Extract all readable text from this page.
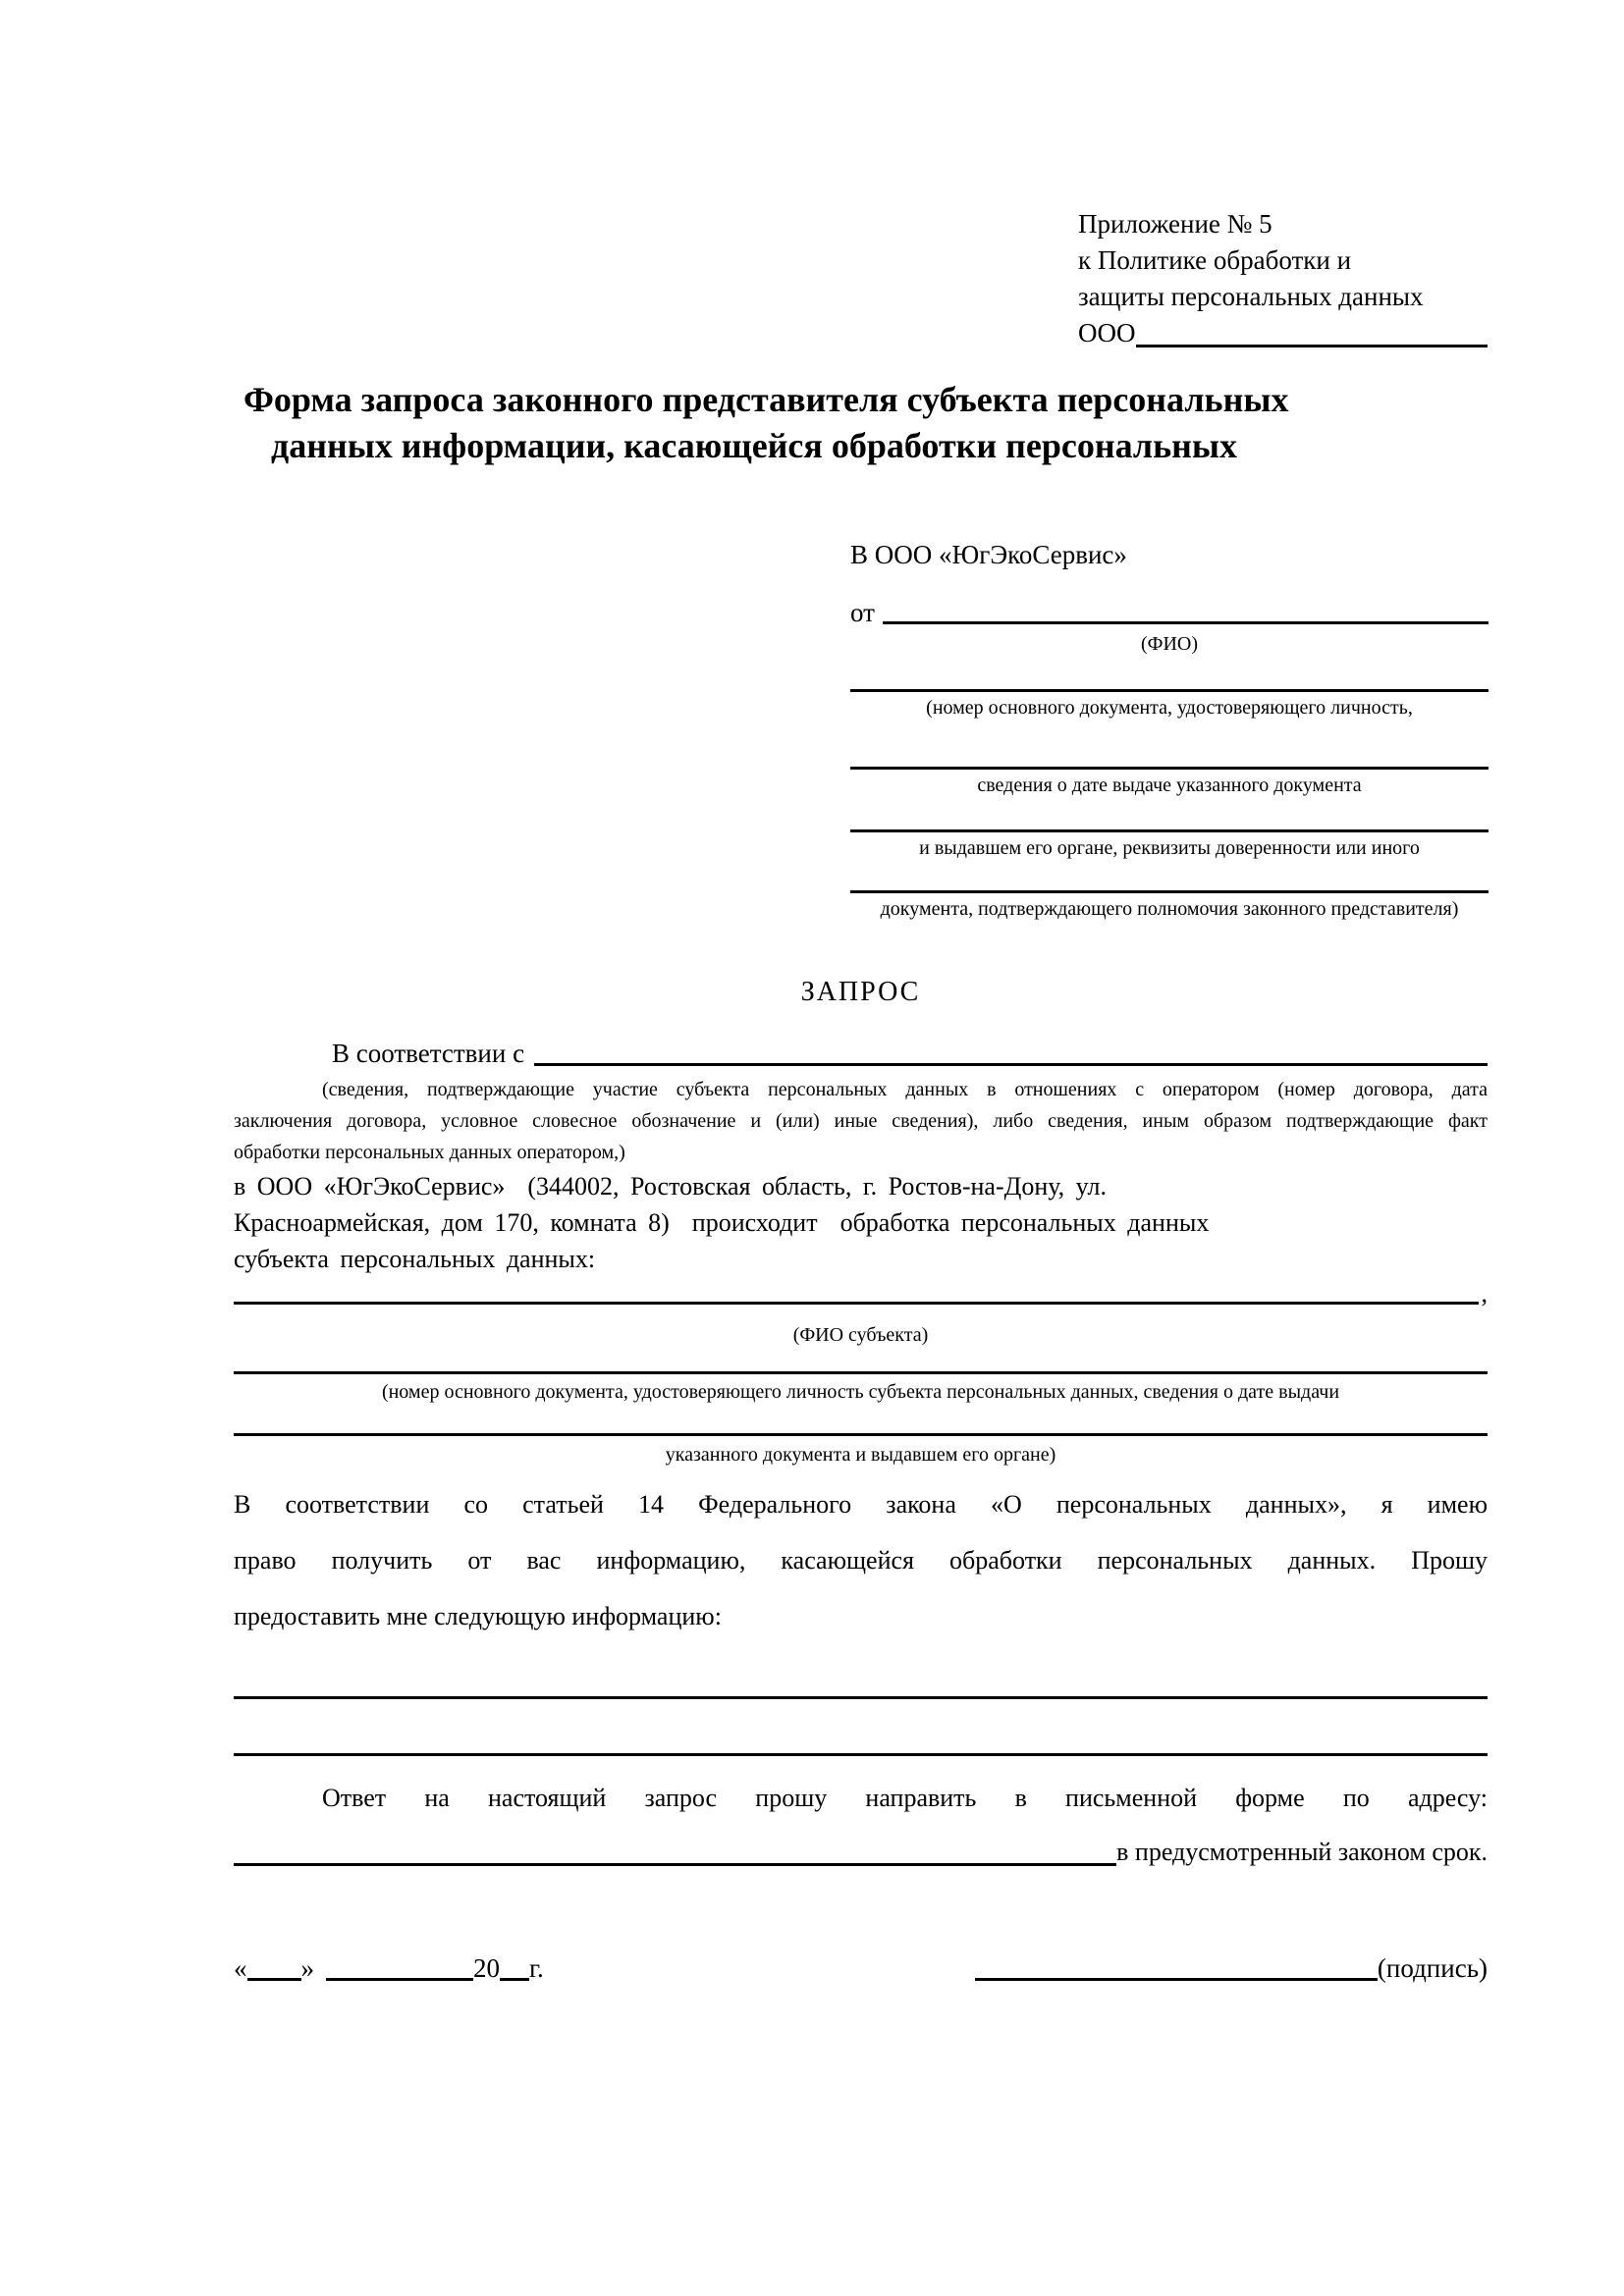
Приложение № 5
к Политике обработки и
защиты персональных данных
ООО
Форма запроса законного представителя субъекта персональных
данных информации, касающейся обработки персональных
В ООО «ЮгЭкоСервис»
от
(ФИО)
(номер основного документа, удостоверяющего личность,
сведения о дате выдаче указанного документа
и выдавшем его органе, реквизиты доверенности или иного
документа, подтверждающего полномочия законного представителя)
ЗАПРОС
В соответствии с
(сведения, подтверждающие участие субъекта персональных данных в отношениях с оператором (номер договора, дата
заключения договора, условное словесное обозначение и (или) иные сведения), либо сведения, иным образом подтверждающие факт
обработки персональных данных оператором,)
в ООО «ЮгЭкоСервис»  (344002, Ростовская область, г. Ростов-на-Дону, ул.
Красноармейская, дом 170, комната 8)  происходит  обработка персональных данных
субъекта персональных данных:
,
(ФИО субъекта)
(номер основного документа, удостоверяющего личность субъекта персональных данных, сведения о дате выдачи
указанного документа и выдавшем его органе)
В соответствии со статьей 14 Федерального закона «О персональных данных», я имею
право получить от вас информацию, касающейся обработки персональных данных. Прошу
предоставить мне следующую информацию:
Ответ на настоящий запрос прошу направить в письменной форме по адресу:
в предусмотренный законом срок.
« »	20 г.	(подпись)
